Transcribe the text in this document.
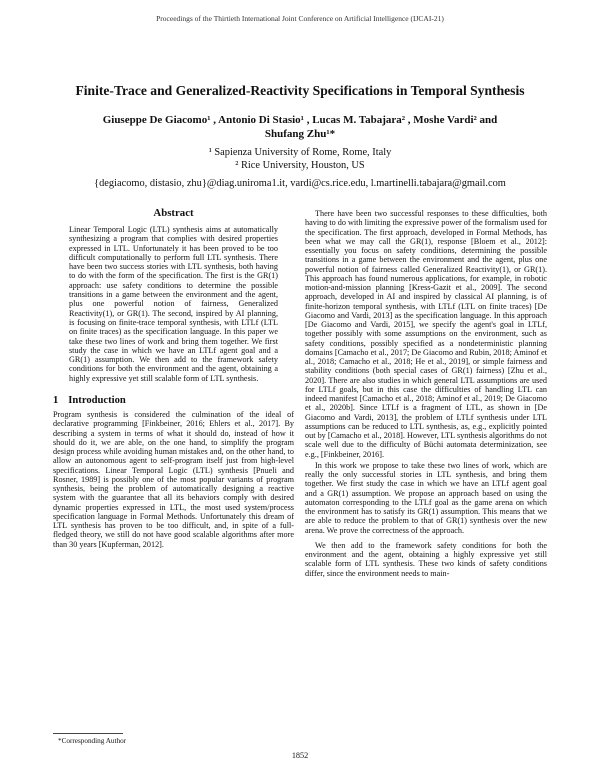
Proceedings of the Thirtieth International Joint Conference on Artificial Intelligence (IJCAI-21)
Finite-Trace and Generalized-Reactivity Specifications in Temporal Synthesis
Giuseppe De Giacomo¹ , Antonio Di Stasio¹ , Lucas M. Tabajara² , Moshe Vardi² and
Shufang Zhu¹*
¹ Sapienza University of Rome, Rome, Italy
² Rice University, Houston, US
{degiacomo, distasio, zhu}@diag.uniroma1.it, vardi@cs.rice.edu, l.martinelli.tabajara@gmail.com
Abstract

Linear Temporal Logic (LTL) synthesis aims at automatically synthesizing a program that complies with desired properties expressed in LTL. Unfortunately it has been proved to be too difficult computationally to perform full LTL synthesis. There have been two success stories with LTL synthesis, both having to do with the form of the specification. The first is the GR(1) approach: use safety conditions to determine the possible transitions in a game between the environment and the agent, plus one powerful notion of fairness, Generalized Reactivity(1), or GR(1). The second, inspired by AI planning, is focusing on finite-trace temporal synthesis, with LTLf (LTL on finite traces) as the specification language. In this paper we take these two lines of work and bring them together. We first study the case in which we have an LTLf agent goal and a GR(1) assumption. We then add to the framework safety conditions for both the environment and the agent, obtaining a highly expressive yet still scalable form of LTL synthesis.

1 Introduction

Program synthesis is considered the culmination of the ideal of declarative programming [Finkbeiner, 2016; Ehlers et al., 2017]. By describing a system in terms of what it should do, instead of how it should do it, we are able, on the one hand, to simplify the program design process while avoiding human mistakes and, on the other hand, to allow an autonomous agent to self-program itself just from high-level specifications. Linear Temporal Logic (LTL) synthesis [Pnueli and Rosner, 1989] is possibly one of the most popular variants of program synthesis, being the problem of automatically designing a reactive system with the guarantee that all its behaviors comply with desired dynamic properties expressed in LTL, the most used system/process specification language in Formal Methods. Unfortunately this dream of LTL synthesis has proven to be too difficult, and, in spite of a full-fledged theory, we still do not have good scalable algorithms after more than 30 years [Kupferman, 2012].

There have been two successful responses to these difficulties, both having to do with limiting the expressive power of the formalism used for the specification. The first approach, developed in Formal Methods, has been what we may call the GR(1), response [Bloem et al., 2012]: essentially you focus on safety conditions, determining the possible transitions in a game between the environment and the agent, plus one powerful notion of fairness called Generalized Reactivity(1), or GR(1). This approach has found numerous applications, for example, in robotic motion-and-mission planning [Kress-Gazit et al., 2009]. The second approach, developed in AI and inspired by classical AI planning, is of finite-horizon temporal synthesis, with LTLf (LTL on finite traces) [De Giacomo and Vardi, 2013] as the specification language. In this approach [De Giacomo and Vardi, 2015], we specify the agent's goal in LTLf, together possibly with some assumptions on the environment, such as safety conditions, possibly specified as a nondeterministic planning domains [Camacho et al., 2017; De Giacomo and Rubin, 2018; Aminof et al., 2018; Camacho et al., 2018; He et al., 2019], or simple fairness and stability conditions (both special cases of GR(1) fairness) [Zhu et al., 2020]. There are also studies in which general LTL assumptions are used for LTLf goals, but in this case the difficulties of handling LTL can indeed manifest [Camacho et al., 2018; Aminof et al., 2019; De Giacomo et al., 2020b]. Since LTLf is a fragment of LTL, as shown in [De Giacomo and Vardi, 2013], the problem of LTLf synthesis under LTL assumptions can be reduced to LTL synthesis, as, e.g., explicitly pointed out by [Camacho et al., 2018]. However, LTL synthesis algorithms do not scale well due to the difficulty of Büchi automata determinization, see e.g., [Finkbeiner, 2016].

In this work we propose to take these two lines of work, which are really the only successful stories in LTL synthesis, and bring them together. We first study the case in which we have an LTLf agent goal and a GR(1) assumption. We propose an approach based on using the automaton corresponding to the LTLf goal as the game arena on which the environment has to satisfy its GR(1) assumption. This means that we are able to reduce the problem to that of GR(1) synthesis over the new arena. We prove the correctness of the approach.

We then add to the framework safety conditions for both the environment and the agent, obtaining a highly expressive yet still scalable form of LTL synthesis. These two kinds of safety conditions differ, since the environment needs to main-

*Corresponding Author
1852
